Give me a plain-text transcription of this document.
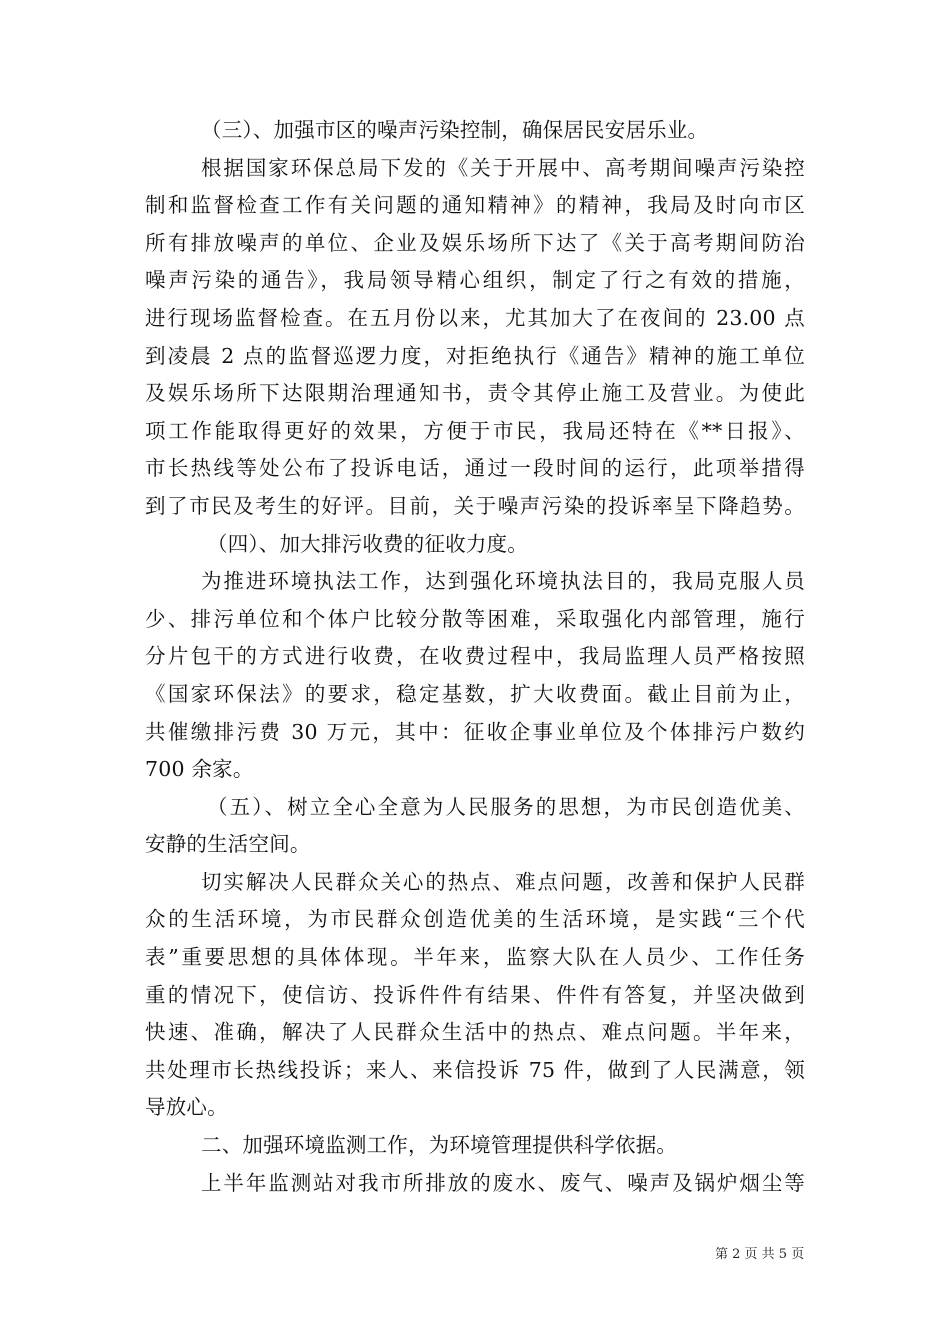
（三）、加强市区的噪声污染控制，确保居民安居乐业。
根据国家环保总局下发的《关于开展中、高考期间噪声污染控
制和监督检查工作有关问题的通知精神》的精神，我局及时向市区
所有排放噪声的单位、企业及娱乐场所下达了《关于高考期间防治
噪声污染的通告》，我局领导精心组织，制定了行之有效的措施，
进行现场监督检查。在五月份以来，尤其加大了在夜间的 23.00 点
到凌晨 2 点的监督巡逻力度，对拒绝执行《通告》精神的施工单位
及娱乐场所下达限期治理通知书，责令其停止施工及营业。为使此
项工作能取得更好的效果，方便于市民，我局还特在《**日报》、
市长热线等处公布了投诉电话，通过一段时间的运行，此项举措得
到了市民及考生的好评。目前，关于噪声污染的投诉率呈下降趋势。
（四）、加大排污收费的征收力度。
为推进环境执法工作，达到强化环境执法目的，我局克服人员
少、排污单位和个体户比较分散等困难，采取强化内部管理，施行
分片包干的方式进行收费，在收费过程中，我局监理人员严格按照
《国家环保法》的要求，稳定基数，扩大收费面。截止目前为止，
共催缴排污费 30 万元，其中：征收企事业单位及个体排污户数约
700 余家。
（五）、树立全心全意为人民服务的思想，为市民创造优美、
安静的生活空间。
切实解决人民群众关心的热点、难点问题，改善和保护人民群
众的生活环境，为市民群众创造优美的生活环境，是实践“三个代
表”重要思想的具体体现。半年来，监察大队在人员少、工作任务
重的情况下，使信访、投诉件件有结果、件件有答复，并坚决做到
快速、准确，解决了人民群众生活中的热点、难点问题。半年来，
共处理市长热线投诉；来人、来信投诉 75 件，做到了人民满意，领
导放心。
二、加强环境监测工作，为环境管理提供科学依据。
上半年监测站对我市所排放的废水、废气、噪声及锅炉烟尘等
第 2 页 共 5 页
